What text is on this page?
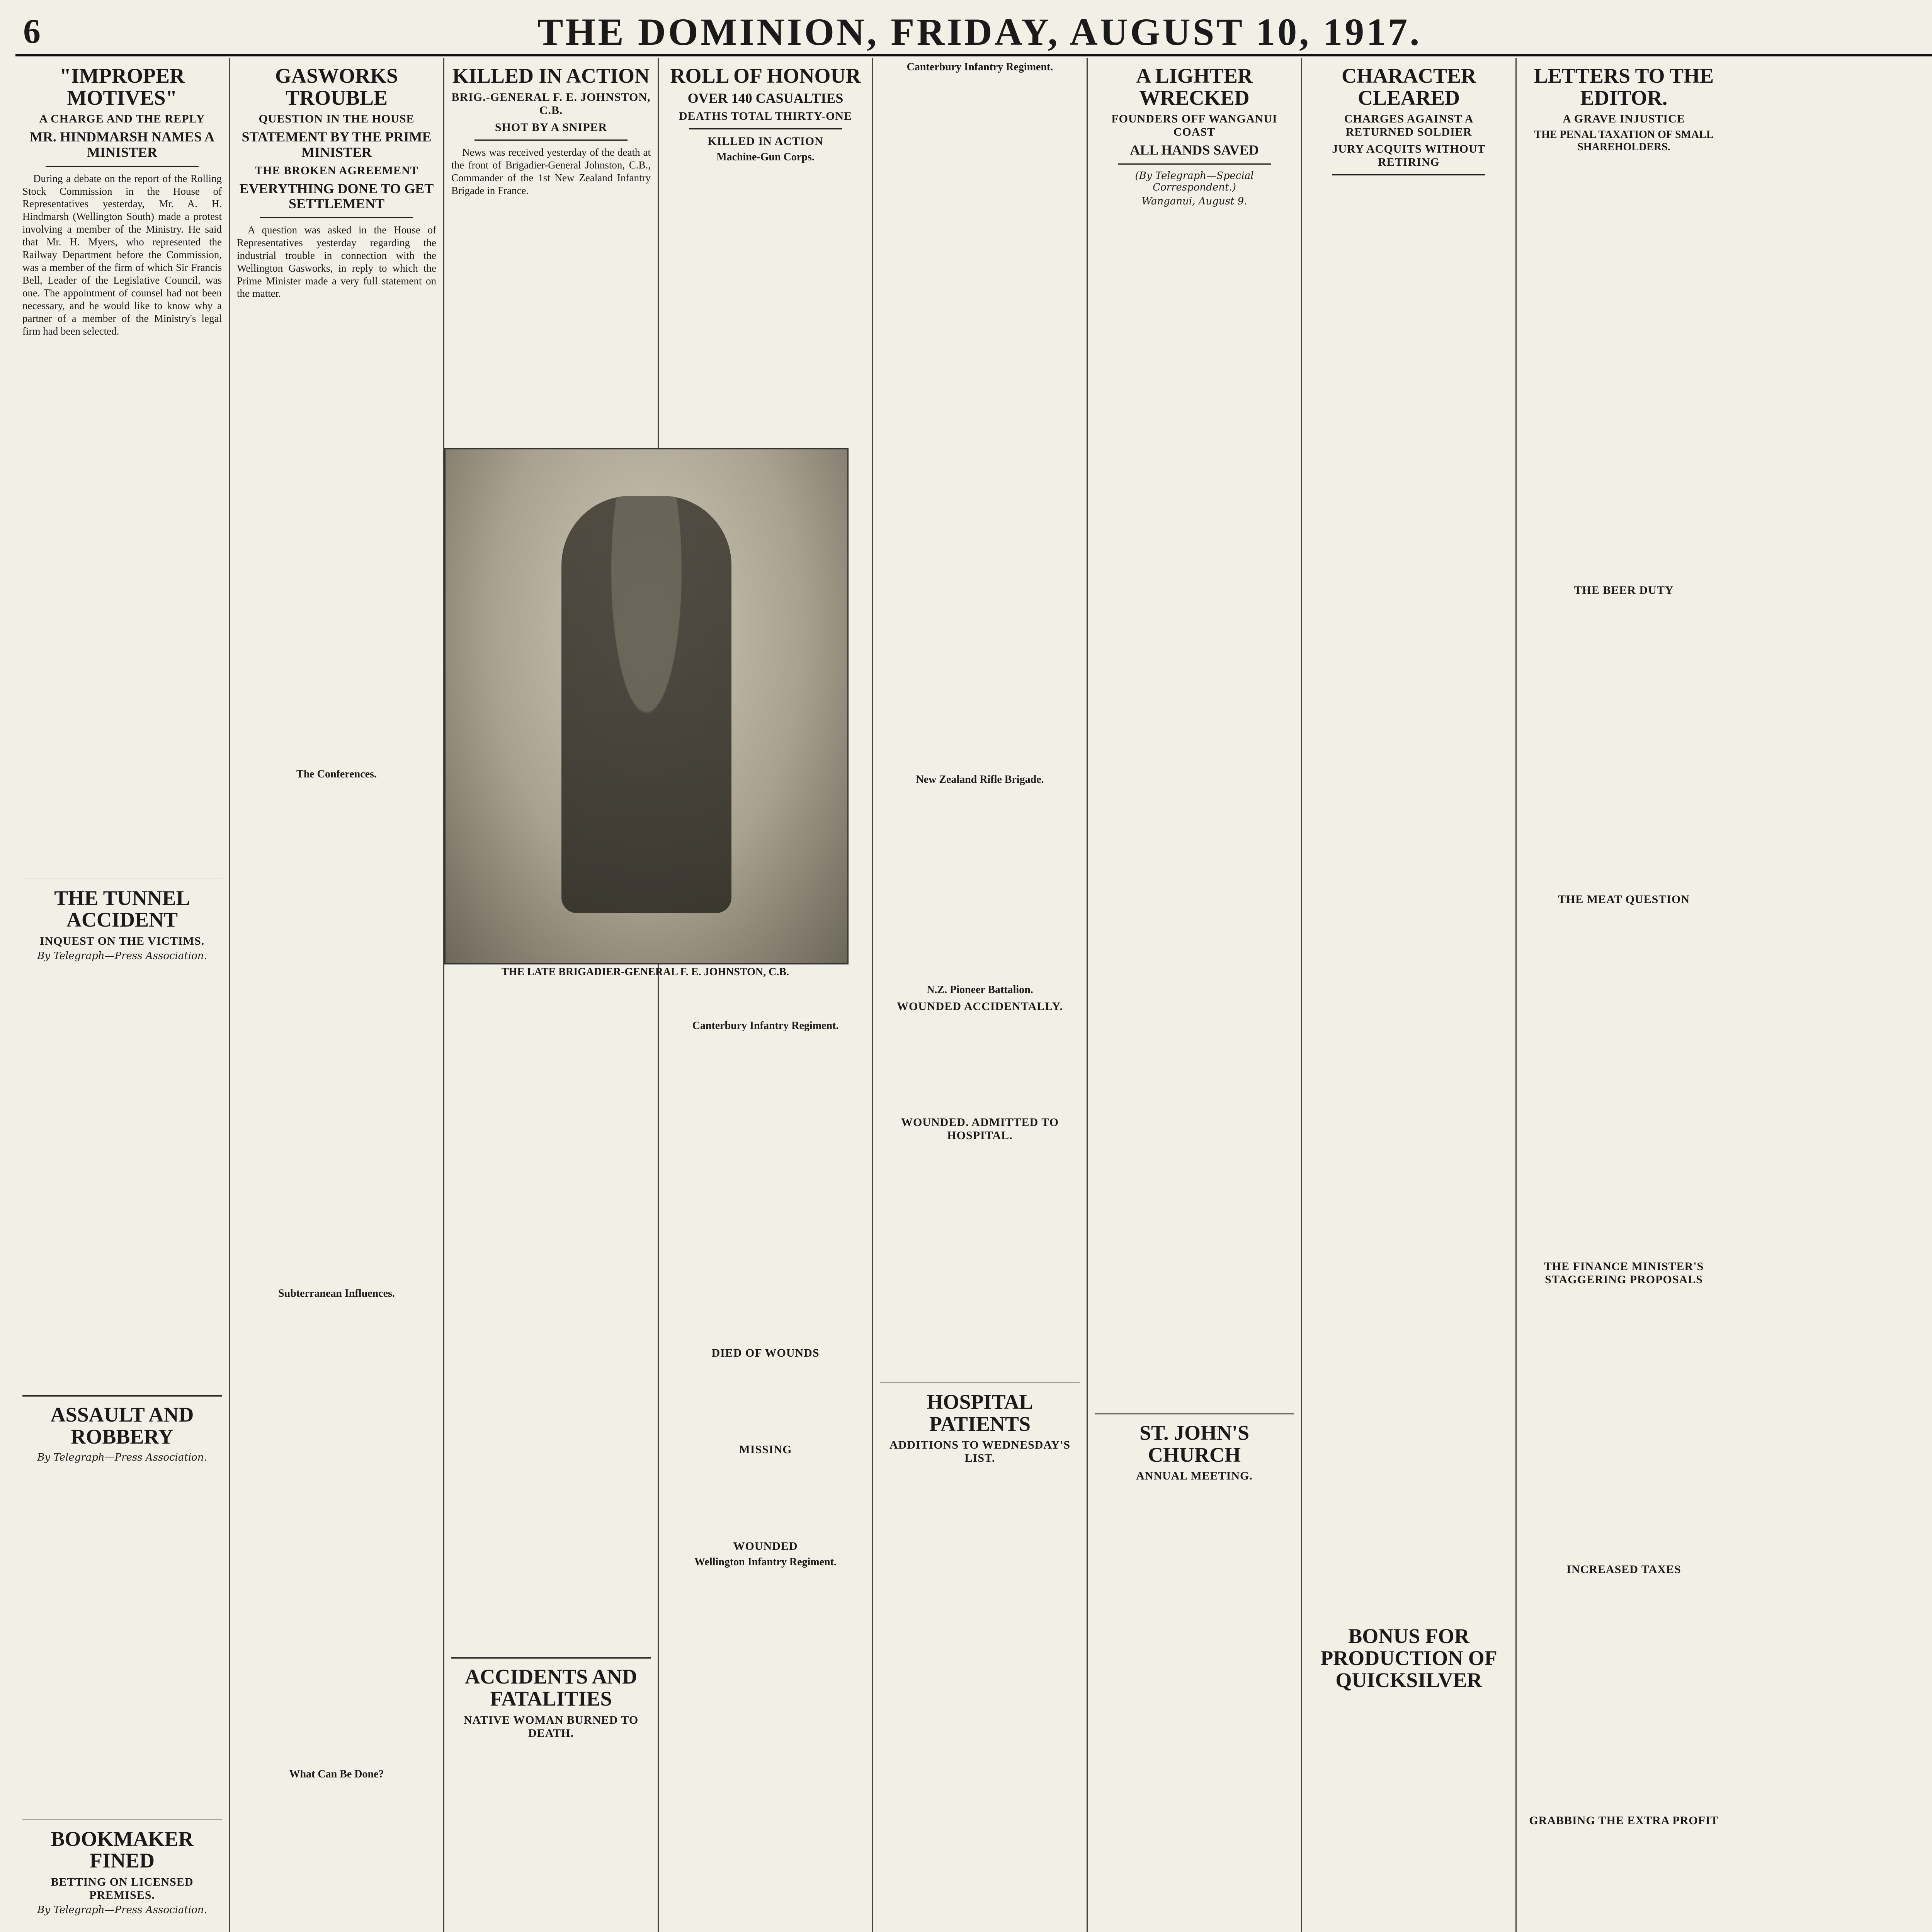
6	THE DOMINION, FRIDAY, AUGUST 10, 1917.
"IMPROPER MOTIVES"
A CHARGE AND THE REPLY
MR. HINDMARSH NAMES A MINISTER

During a debate on the report of the Rolling Stock Commission in the House of Representatives yesterday, Mr. A. H. Hindmarsh (Wellington South) made a protest involving a member of the Ministry. He said that Mr. H. Myers, who represented the Railway Department before the Commission, was a member of the firm of which Sir Francis Bell, Leader of the Legislative Council, was one. The appointment of counsel had not been necessary, and he would like to know why a partner of a member of the Ministry's legal firm had been selected.

THE TUNNEL ACCIDENT
INQUEST ON THE VICTIMS.
By Telegraph—Press Association.
ASSAULT AND ROBBERY
By Telegraph—Press Association.
BOOKMAKER FINED
BETTING ON LICENSED PREMISES.
By Telegraph—Press Association.
GASWORKS TROUBLE
QUESTION IN THE HOUSE
STATEMENT BY THE PRIME MINISTER
THE BROKEN AGREEMENT
EVERYTHING DONE TO GET SETTLEMENT

A question was asked in the House of Representatives yesterday regarding the industrial trouble in connection with the Wellington Gasworks, in reply to which the Prime Minister made a very full statement on the matter.

The Conferences.
Subterranean Influences.
What Can Be Done?
KILLED IN ACTION
BRIG.-GENERAL F. E. JOHNSTON, C.B.
SHOT BY A SNIPER

News was received yesterday of the death at the front of Brigadier-General Johnston, C.B., Commander of the 1st New Zealand Infantry Brigade in France.

ACCIDENTS AND FATALITIES
NATIVE WOMAN BURNED TO DEATH.
ROLL OF HONOUR
OVER 140 CASUALTIES
DEATHS TOTAL THIRTY-ONE
KILLED IN ACTION
Machine-Gun Corps.
Canterbury Infantry Regiment.
DIED OF WOUNDS
MISSING
WOUNDED
Wellington Infantry Regiment.
Canterbury Infantry Regiment.
New Zealand Rifle Brigade.
N.Z. Pioneer Battalion.
WOUNDED ACCIDENTALLY.
WOUNDED. ADMITTED TO HOSPITAL.
HOSPITAL PATIENTS
ADDITIONS TO WEDNESDAY'S LIST.

A LIGHTER WRECKED
FOUNDERS OFF WANGANUI COAST
ALL HANDS SAVED
(By Telegraph—Special Correspondent.)
Wanganui, August 9.
ST. JOHN'S CHURCH
ANNUAL MEETING.

CHARACTER CLEARED
CHARGES AGAINST A RETURNED SOLDIER
JURY ACQUITS WITHOUT RETIRING
BONUS FOR PRODUCTION OF QUICKSILVER
LETTERS TO THE EDITOR.
A GRAVE INJUSTICE
THE PENAL TAXATION OF SMALL SHAREHOLDERS.
THE BEER DUTY
THE MEAT QUESTION
THE FINANCE MINISTER'S STAGGERING PROPOSALS
INCREASED TAXES
GRABBING THE EXTRA PROFIT
THE LATE BRIGADIER-GENERAL F. E. JOHNSTON, C.B.
